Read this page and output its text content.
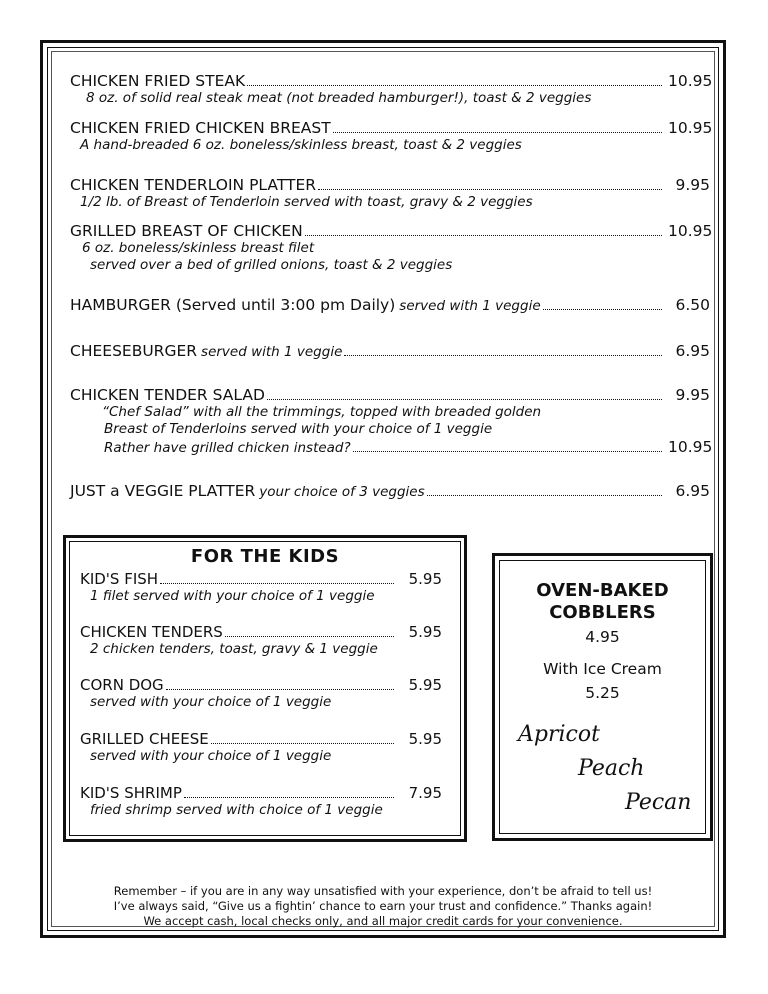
CHICKEN FRIED STEAK	10.95
8 oz. of solid real steak meat (not breaded hamburger!), toast & 2 veggies
CHICKEN FRIED CHICKEN BREAST	10.95
A hand-breaded 6 oz. boneless/skinless breast, toast & 2 veggies
CHICKEN TENDERLOIN PLATTER	9.95
1/2 lb. of Breast of Tenderloin served with toast, gravy & 2 veggies
GRILLED BREAST OF CHICKEN	10.95
6 oz. boneless/skinless breast filet
served over a bed of grilled onions, toast & 2 veggies
HAMBURGER (Served until 3:00 pm Daily) served with 1 veggie	6.50
CHEESEBURGER served with 1 veggie	6.95
CHICKEN TENDER SALAD	9.95
“Chef Salad” with all the trimmings, topped with breaded golden
Breast of Tenderloins served with your choice of 1 veggie
Rather have grilled chicken instead?	10.95
JUST a VEGGIE PLATTER your choice of 3 veggies	6.95
FOR THE KIDS
KID'S FISH	5.95
1 filet served with your choice of 1 veggie
CHICKEN TENDERS	5.95
2 chicken tenders, toast, gravy & 1 veggie
CORN DOG	5.95
served with your choice of 1 veggie
GRILLED CHEESE	5.95
served with your choice of 1 veggie
KID'S SHRIMP	7.95
fried shrimp served with choice of 1 veggie
OVEN-BAKED
COBBLERS
4.95
With Ice Cream
5.25
Apricot
Peach
Pecan
Remember – if you are in any way unsatisfied with your experience, don’t be afraid to tell us!
I’ve always said, “Give us a fightin’ chance to earn your trust and confidence.” Thanks again!
We accept cash, local checks only, and all major credit cards for your convenience.
